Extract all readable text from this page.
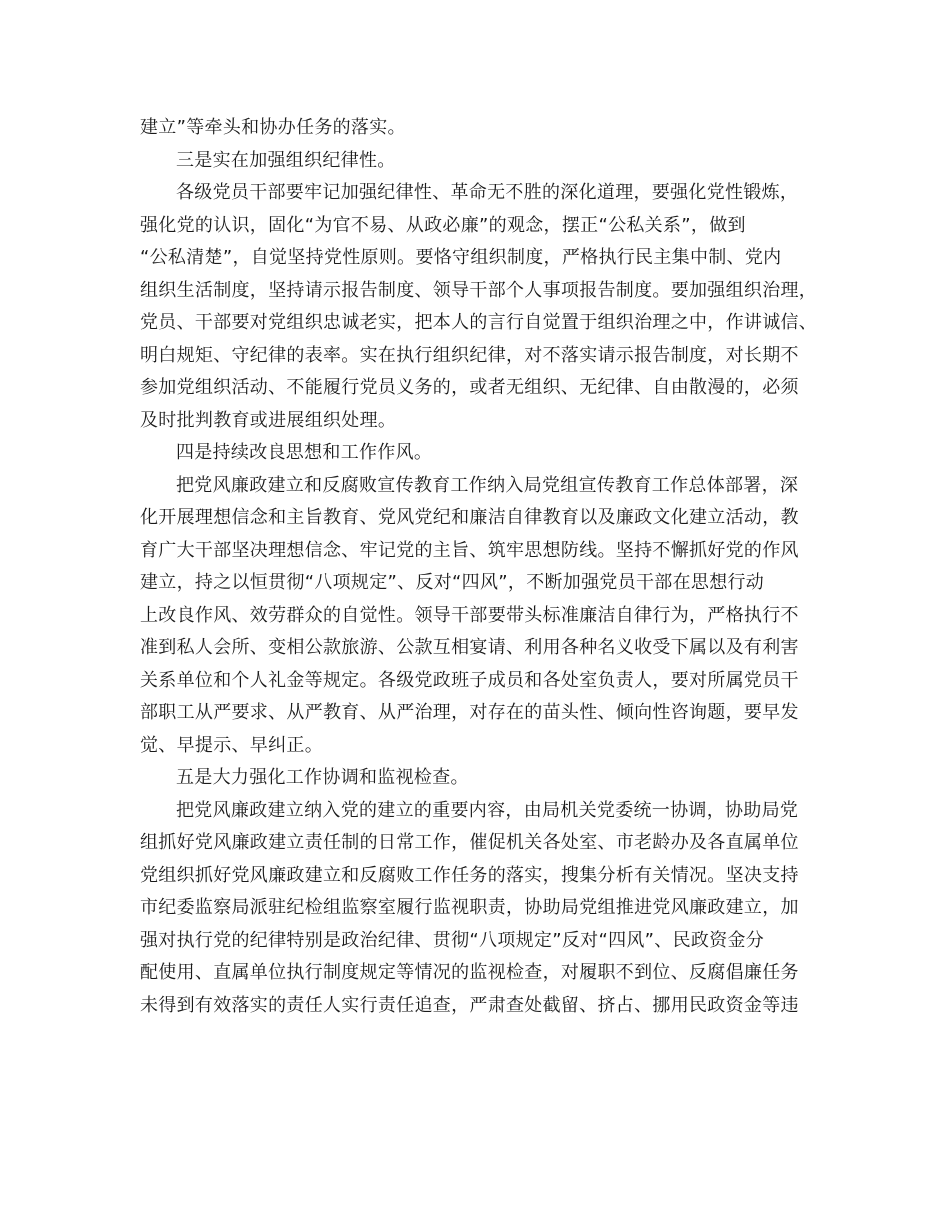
建立”等牵头和协办任务的落实。
三是实在加强组织纪律性。
各级党员干部要牢记加强纪律性、革命无不胜的深化道理，要强化党性锻炼，
强化党的认识，固化“为官不易、从政必廉”的观念，摆正“公私关系”，做到
“公私清楚”，自觉坚持党性原则。要恪守组织制度，严格执行民主集中制、党内
组织生活制度，坚持请示报告制度、领导干部个人事项报告制度。要加强组织治理，
党员、干部要对党组织忠诚老实，把本人的言行自觉置于组织治理之中，作讲诚信、
明白规矩、守纪律的表率。实在执行组织纪律，对不落实请示报告制度，对长期不
参加党组织活动、不能履行党员义务的，或者无组织、无纪律、自由散漫的，必须
及时批判教育或进展组织处理。
四是持续改良思想和工作作风。
把党风廉政建立和反腐败宣传教育工作纳入局党组宣传教育工作总体部署，深
化开展理想信念和主旨教育、党风党纪和廉洁自律教育以及廉政文化建立活动，教
育广大干部坚决理想信念、牢记党的主旨、筑牢思想防线。坚持不懈抓好党的作风
建立，持之以恒贯彻“八项规定”、反对“四风”，不断加强党员干部在思想行动
上改良作风、效劳群众的自觉性。领导干部要带头标准廉洁自律行为，严格执行不
准到私人会所、变相公款旅游、公款互相宴请、利用各种名义收受下属以及有利害
关系单位和个人礼金等规定。各级党政班子成员和各处室负责人，要对所属党员干
部职工从严要求、从严教育、从严治理，对存在的苗头性、倾向性咨询题，要早发
觉、早提示、早纠正。
五是大力强化工作协调和监视检查。
把党风廉政建立纳入党的建立的重要内容，由局机关党委统一协调，协助局党
组抓好党风廉政建立责任制的日常工作，催促机关各处室、市老龄办及各直属单位
党组织抓好党风廉政建立和反腐败工作任务的落实，搜集分析有关情况。坚决支持
市纪委监察局派驻纪检组监察室履行监视职责，协助局党组推进党风廉政建立，加
强对执行党的纪律特别是政治纪律、贯彻“八项规定”反对“四风”、民政资金分
配使用、直属单位执行制度规定等情况的监视检查，对履职不到位、反腐倡廉任务
未得到有效落实的责任人实行责任追查，严肃查处截留、挤占、挪用民政资金等违
